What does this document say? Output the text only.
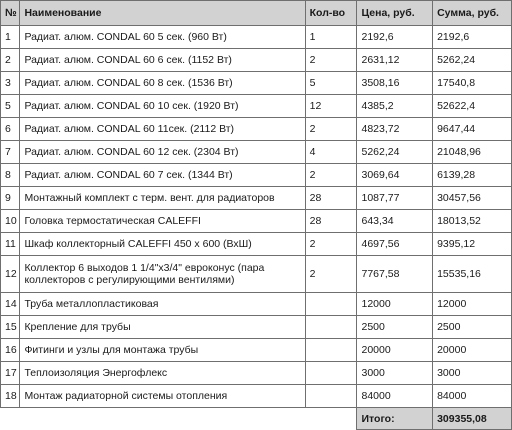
№	Наименование	Кол-во	Цена, руб.	Сумма, руб.
1	Радиат. алюм. CONDAL 60 5 сек. (960 Вт)	1	2192,6	2192,6
2	Радиат. алюм. CONDAL 60 6 сек. (1152 Вт)	2	2631,12	5262,24
3	Радиат. алюм. CONDAL 60 8 сек. (1536 Вт)	5	3508,16	17540,8
5	Радиат. алюм. CONDAL 60 10 сек. (1920 Вт)	12	4385,2	52622,4
6	Радиат. алюм. CONDAL 60 11сек. (2112 Вт)	2	4823,72	9647,44
7	Радиат. алюм. CONDAL 60 12 сек. (2304 Вт)	4	5262,24	21048,96
8	Радиат. алюм. CONDAL 60 7 сек. (1344 Вт)	2	3069,64	6139,28
9	Монтажный комплект с терм. вент. для радиаторов	28	1087,77	30457,56
10	Головка термостатическая CALEFFI	28	643,34	18013,52
11	Шкаф коллекторный CALEFFI 450 х 600 (ВхШ)	2	4697,56	9395,12
12	Коллектор 6 выходов 1 1/4"х3/4" евроконус (пара коллекторов с регулирующими вентилями)	2	7767,58	15535,16
14	Труба металлопластиковая		12000	12000
15	Крепление для трубы		2500	2500
16	Фитинги и узлы для монтажа трубы		20000	20000
17	Теплоизоляция Энергофлекс		3000	3000
18	Монтаж радиаторной системы отопления		84000	84000
			Итого:	309355,08
